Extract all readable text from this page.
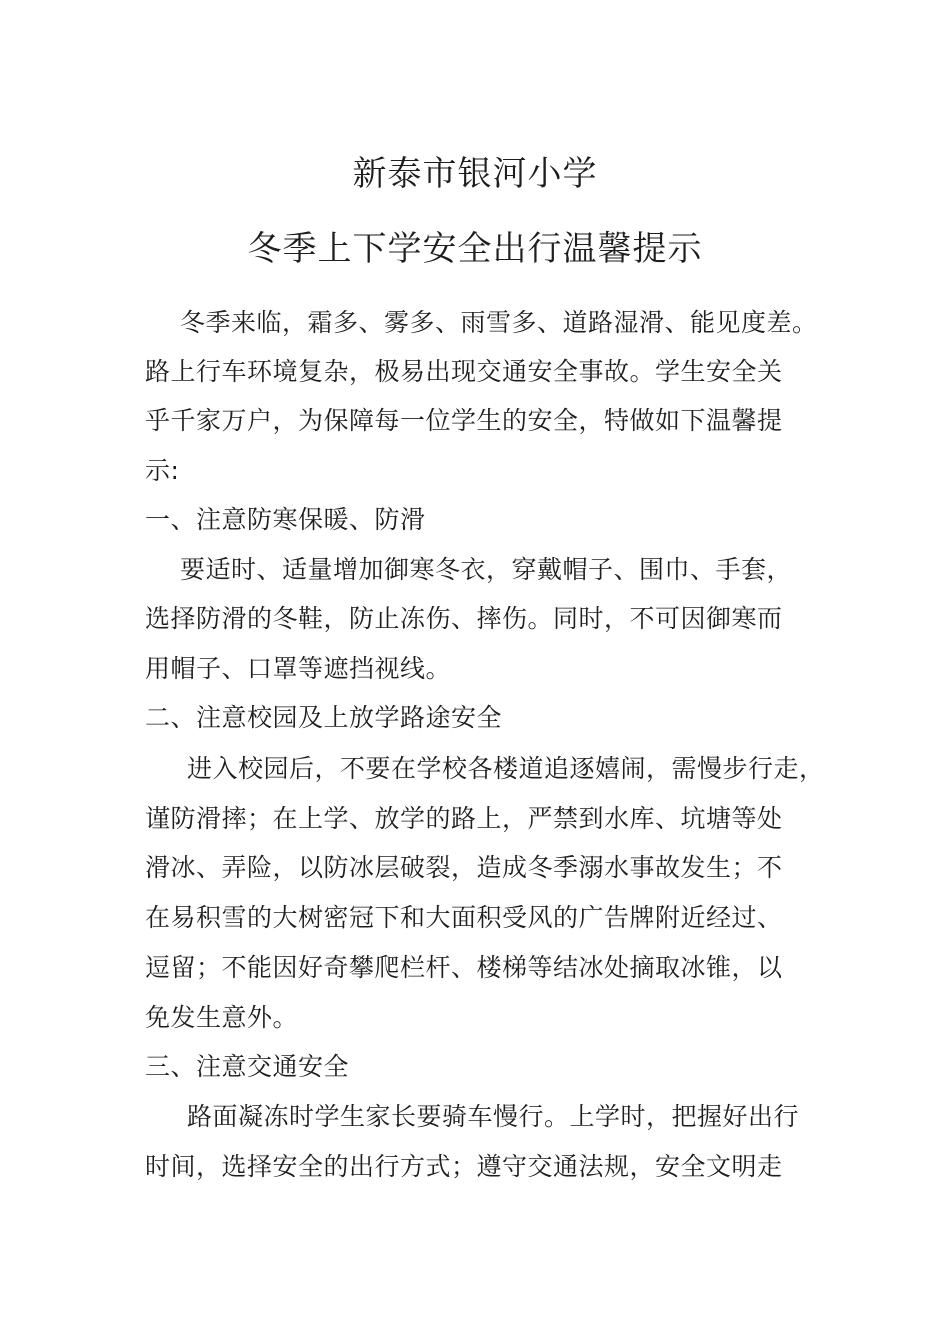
新泰市银河小学
冬季上下学安全出行温馨提示
冬季来临，霜多、雾多、雨雪多、道路湿滑、能见度差。
路上行车环境复杂，极易出现交通安全事故。学生安全关
乎千家万户，为保障每一位学生的安全，特做如下温馨提
示:
一、注意防寒保暖、防滑
要适时、适量增加御寒冬衣，穿戴帽子、围巾、手套，
选择防滑的冬鞋，防止冻伤、摔伤。同时，不可因御寒而
用帽子、口罩等遮挡视线。
二、注意校园及上放学路途安全
进入校园后，不要在学校各楼道追逐嬉闹，需慢步行走，
谨防滑摔；在上学、放学的路上，严禁到水库、坑塘等处
滑冰、弄险，以防冰层破裂，造成冬季溺水事故发生；不
在易积雪的大树密冠下和大面积受风的广告牌附近经过、
逗留；不能因好奇攀爬栏杆、楼梯等结冰处摘取冰锥，以
免发生意外。
三、注意交通安全
路面凝冻时学生家长要骑车慢行。上学时，把握好出行
时间，选择安全的出行方式；遵守交通法规，安全文明走
